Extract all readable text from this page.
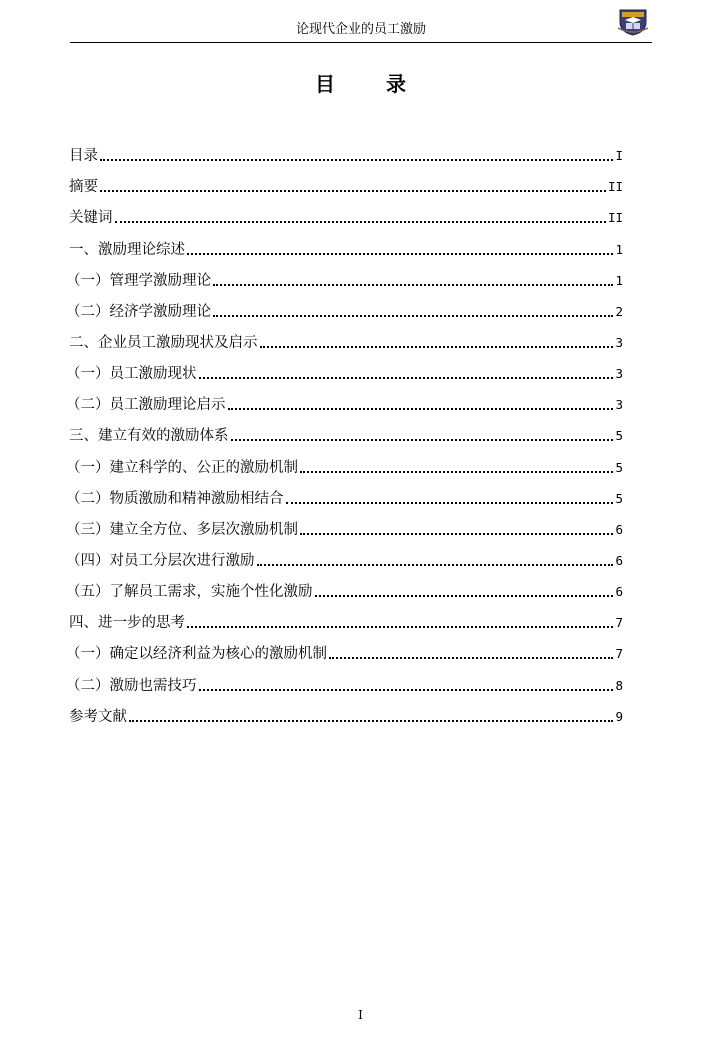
论现代企业的员工激励
目 录
目录	I
摘要	II
关键词	II
一、激励理论综述	1
（一）管理学激励理论	1
（二）经济学激励理论	2
二、企业员工激励现状及启示	3
（一）员工激励现状	3
（二）员工激励理论启示	3
三、建立有效的激励体系	5
（一）建立科学的、公正的激励机制	5
（二）物质激励和精神激励相结合	5
（三）建立全方位、多层次激励机制	6
（四）对员工分层次进行激励	6
（五）了解员工需求，实施个性化激励	6
四、进一步的思考	7
（一）确定以经济利益为核心的激励机制	7
（二）激励也需技巧	8
参考文献	9
I
